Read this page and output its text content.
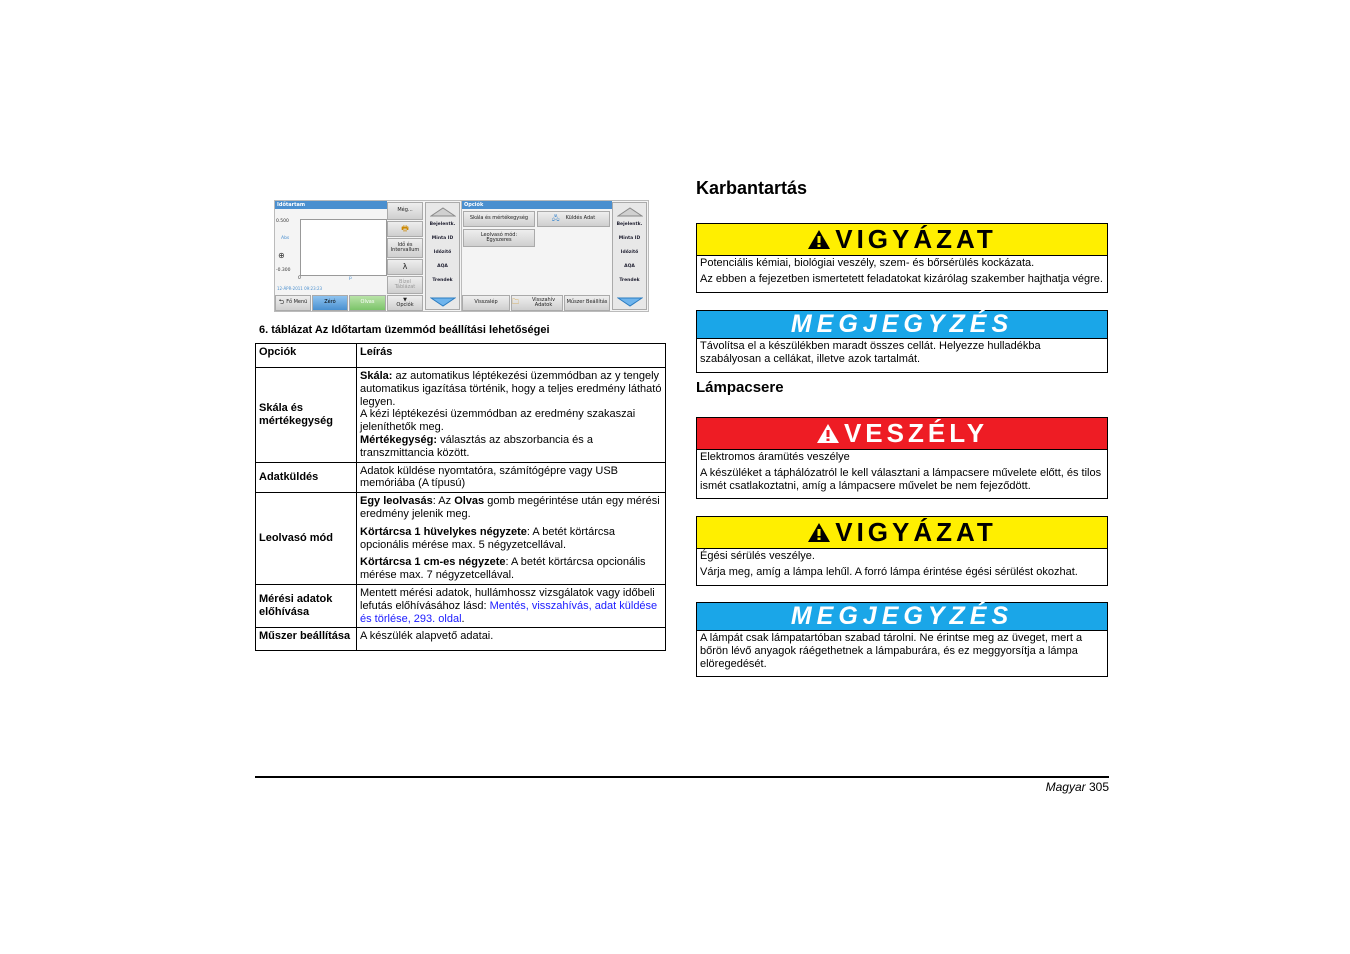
Időtartam
0.500
Abs
⊕
-0.300
0	p
12-ÁPR-2011 09:23:23
Még...
🖶
Idő és Intervallum
λ
Bízel Táblázat
⮌ Fő Menü	Zéró	Olvas	▼
Opciók
Bejelentk.
Minta ID
Időzítő
AQA
Trendek
Opciók
Skála és mértékegység	🖧 Küldés Adat
Leolvasó mód:
Egyszeres
Visszalép	🗀	Visszahív Adatok	Műszer Beállítás
Bejelentk.
Minta ID
Időzítő
AQA
Trendek
6. táblázat Az Időtartam üzemmód beállítási lehetőségei
Opciók	Leírás
Skála és mértékegység	Skála: az automatikus léptékezési üzemmódban az y tengely automatikus igazítása történik, hogy a teljes eredmény látható legyen.
A kézi léptékezési üzemmódban az eredmény szakaszai jeleníthetők meg.
Mértékegység: választás az abszorbancia és a transzmittancia között.
Adatküldés	Adatok küldése nyomtatóra, számítógépre vagy USB memóriába (A típusú)
Leolvasó mód	Egy leolvasás: Az Olvas gomb megérintése után egy mérési eredmény jelenik meg.

Körtárcsa 1 hüvelykes négyzete: A betét körtárcsa opcionális mérése max. 5 négyzetcellával.

Körtárcsa 1 cm-es négyzete: A betét körtárcsa opcionális mérése max. 7 négyzetcellával.

Mérési adatok előhívása	Mentett mérési adatok, hullámhossz vizsgálatok vagy időbeli lefutás előhívásához lásd: Mentés, visszahívás, adat küldése és törlése, 293. oldal.
Műszer beállítása	A készülék alapvető adatai.
Karbantartás
VIGYÁZAT

Potenciális kémiai, biológiai veszély, szem- és bőrsérülés kockázata.

Az ebben a fejezetben ismertetett feladatokat kizárólag szakember hajthatja végre.

MEGJEGYZÉS

Távolítsa el a készülékben maradt összes cellát. Helyezze hulladékba szabályosan a cellákat, illetve azok tartalmát.

Lámpacsere
VESZÉLY

Elektromos áramütés veszélye

A készüléket a táphálózatról le kell választani a lámpacsere művelete előtt, és tilos ismét csatlakoztatni, amíg a lámpacsere művelet be nem fejeződött.

VIGYÁZAT

Égési sérülés veszélye.

Várja meg, amíg a lámpa lehűl. A forró lámpa érintése égési sérülést okozhat.

MEGJEGYZÉS

A lámpát csak lámpatartóban szabad tárolni. Ne érintse meg az üveget, mert a bőrön lévő anyagok ráégethetnek a lámpaburára, és ez meggyorsítja a lámpa elöregedését.

Magyar 305
